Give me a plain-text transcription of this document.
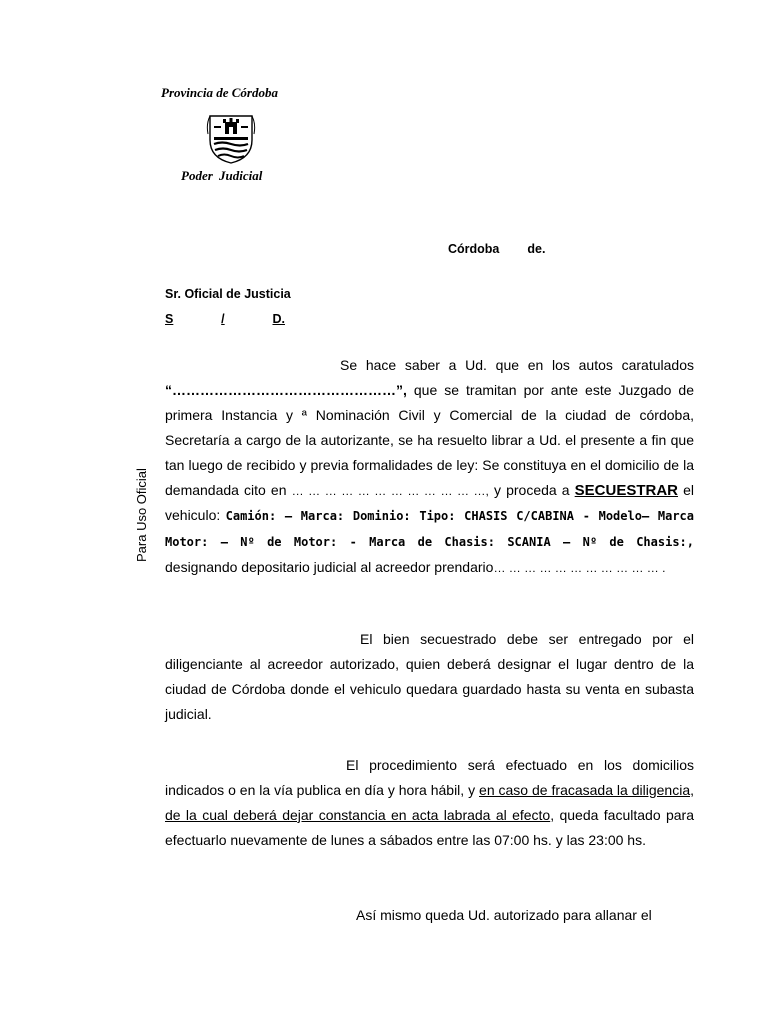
Provincia de Córdoba

Poder Judicial

Córdoba de.

Sr. Oficial de Justicia

S	/	D.

Para Uso Oficial

Se hace saber a Ud. que en los autos caratulados “…………………………………………”, que se tramitan por ante este Juzgado de primera Instancia y ª Nominación Civil y Comercial de la ciudad de córdoba, Secretaría a cargo de la autorizante, se ha resuelto librar a Ud. el presente a fin que tan luego de recibido y previa formalidades de ley: Se constituya en el domicilio de la demandada cito en … … … … … … … … … … … …, y proceda a SECUESTRAR el vehiculo: Camión: – Marca: Dominio: Tipo: CHASIS C/CABINA - Modelo– Marca Motor: – Nº de Motor: - Marca de Chasis: SCANIA – Nº de Chasis:, designando depositario judicial al acreedor prendario… … … … … … … … … … … .

El bien secuestrado debe ser entregado por el diligenciante al acreedor autorizado, quien deberá designar el lugar dentro de la ciudad de Córdoba donde el vehiculo quedara guardado hasta su venta en subasta judicial.

El procedimiento será efectuado en los domicilios indicados o en la vía publica en día y hora hábil, y en caso de fracasada la diligencia, de la cual deberá dejar constancia en acta labrada al efecto, queda facultado para efectuarlo nuevamente de lunes a sábados entre las 07:00 hs. y las 23:00 hs.

Así mismo queda Ud. autorizado para allanar el
